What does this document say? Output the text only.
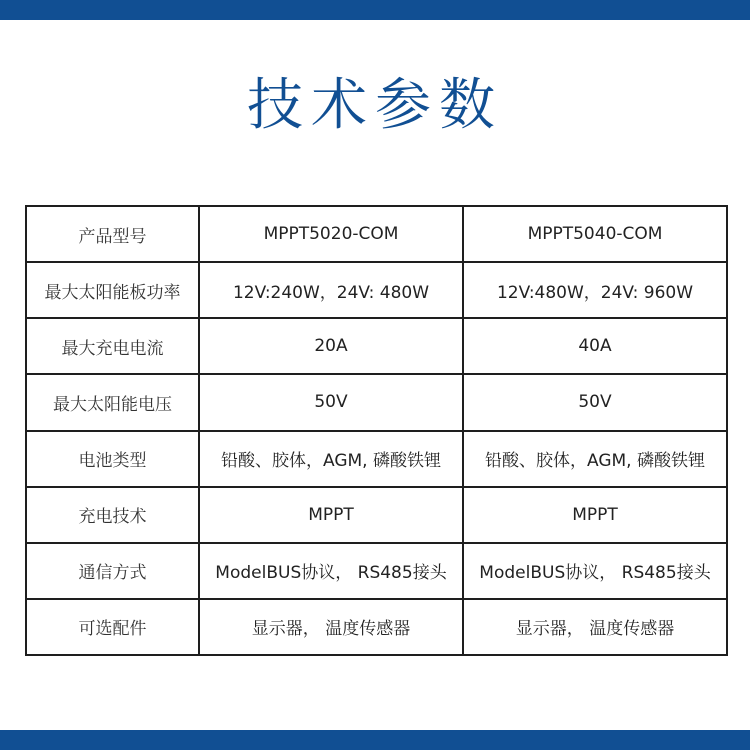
技术参数
产品型号	MPPT5020-COM	MPPT5040-COM
最大太阳能板功率	12V:240W，24V: 480W	12V:480W，24V: 960W
最大充电电流	20A	40A
最大太阳能电压	50V	50V
电池类型	铅酸、胶体，AGM, 磷酸铁锂	铅酸、胶体，AGM, 磷酸铁锂
充电技术	MPPT	MPPT
通信方式	ModelBUS协议， RS485接头	ModelBUS协议， RS485接头
可选配件	显示器， 温度传感器	显示器， 温度传感器
